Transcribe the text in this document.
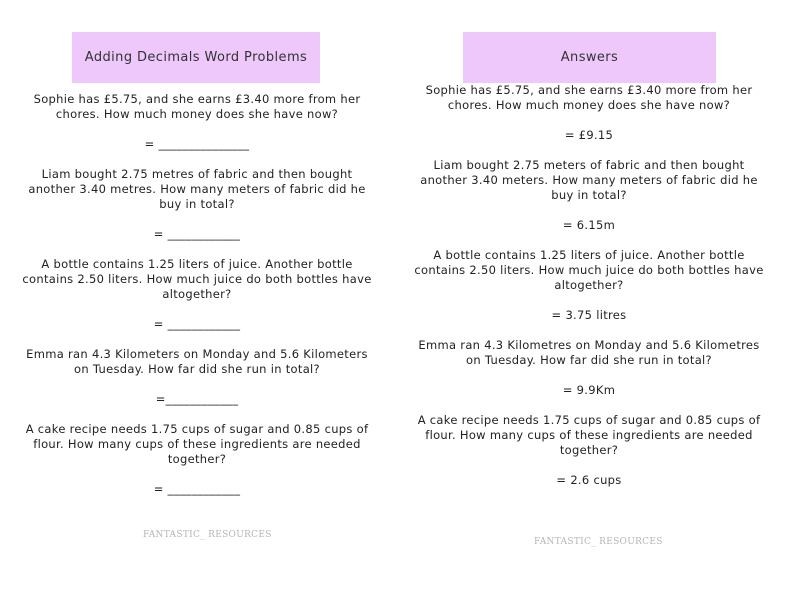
Adding Decimals Word Problems
Sophie has £5.75, and she earns £3.40 more from her chores. How much money does she have now?
= _______________
Liam bought 2.75 metres of fabric and then bought another 3.40 metres. How many meters of fabric did he buy in total?
= ____________
A bottle contains 1.25 liters of juice. Another bottle contains 2.50 liters. How much juice do both bottles have altogether?
= ____________
Emma ran 4.3 Kilometers on Monday and 5.6 Kilometers on Tuesday. How far did she run in total?
=____________
A cake recipe needs 1.75 cups of sugar and 0.85 cups of flour. How many cups of these ingredients are needed together?
= ____________
FANTASTIC_ RESOURCES
Answers
Sophie has £5.75, and she earns £3.40 more from her chores. How much money does she have now?
= £9.15
Liam bought 2.75 meters of fabric and then bought another 3.40 meters. How many meters of fabric did he buy in total?
= 6.15m
A bottle contains 1.25 liters of juice. Another bottle contains 2.50 liters. How much juice do both bottles have altogether?
= 3.75 litres
Emma ran 4.3 Kilometres on Monday and 5.6 Kilometres on Tuesday. How far did she run in total?
= 9.9Km
A cake recipe needs 1.75 cups of sugar and 0.85 cups of flour. How many cups of these ingredients are needed together?
= 2.6 cups
FANTASTIC_ RESOURCES
